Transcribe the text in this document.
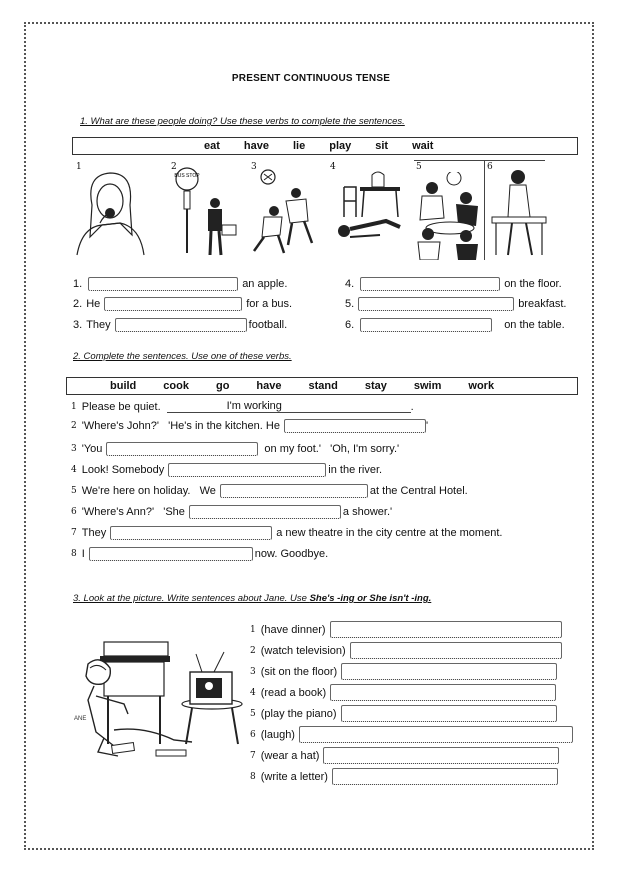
PRESENT CONTINUOUS TENSE
1. What are these people doing? Use these verbs to complete the sentences.
eat have lie play sit wait
1	2
BUS STOP
3	4	5	6
1.	an apple.
2. He	for a bus.
3. They	football.
4.	on the floor.
5.	breakfast.
6.	on the table.
2. Complete the sentences. Use one of these verbs.
build cook go have stand stay swim work
1 Please be quiet.	I'm working	.
2 'Where's John?'   'He's in the kitchen. He	'
3 'You	on my foot.'   'Oh, I'm sorry.'
4 Look! Somebody	in the river.
5 We're here on holiday.   We	at the Central Hotel.
6 'Where's Ann?'   'She	a shower.'
7 They	a new theatre in the city centre at the moment.
8 I	now. Goodbye.
3. Look at the picture. Write sentences about Jane. Use She's -ing or She isn't -ing.
ANE
1 (have dinner)
2 (watch television)
3 (sit on the floor)
4 (read a book)
5 (play the piano)
6 (laugh)
7 (wear a hat)
8 (write a letter)
